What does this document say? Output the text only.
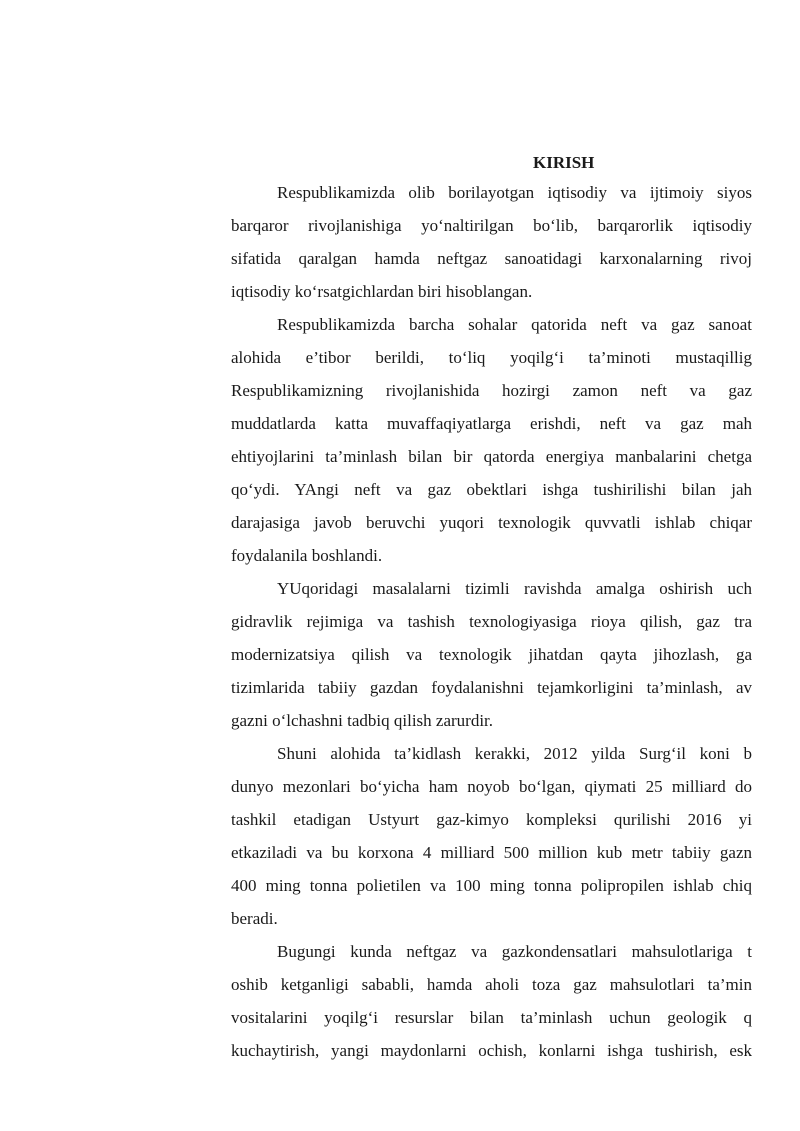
KIRISH
Respublikamizda olib borilayotgan iqtisodiy va ijtimoiy siyos
barqaror rivojlanishiga yo‘naltirilgan bo‘lib, barqarorlik iqtisodiy
sifatida qaralgan hamda neftgaz sanoatidagi karxonalarning rivoj
iqtisodiy ko‘rsatgichlardan biri hisoblangan.
Respublikamizda barcha sohalar qatorida neft va gaz sanoat
alohida e’tibor berildi, to‘liq yoqilg‘i ta’minoti mustaqillig
Respublikamizning rivojlanishida hozirgi zamon neft va gaz
muddatlarda katta muvaffaqiyatlarga erishdi, neft va gaz mah
ehtiyojlarini ta’minlash bilan bir qatorda energiya manbalarini chetga
qo‘ydi. YAngi neft va gaz obektlari ishga tushirilishi bilan jah
darajasiga javob beruvchi yuqori texnologik quvvatli ishlab chiqar
foydalanila boshlandi.
YUqoridagi masalalarni tizimli ravishda amalga oshirish uch
gidravlik rejimiga va tashish texnologiyasiga rioya qilish, gaz tra
modernizatsiya qilish va texnologik jihatdan qayta jihozlash, ga
tizimlarida tabiiy gazdan foydalanishni tejamkorligini ta’minlash, av
gazni o‘lchashni tadbiq qilish zarurdir.
Shuni alohida ta’kidlash kerakki, 2012 yilda Surg‘il koni b
dunyo mezonlari bo‘yicha ham noyob bo‘lgan, qiymati 25 milliard do
tashkil etadigan Ustyurt gaz-kimyo kompleksi qurilishi 2016 yi
etkaziladi va bu korxona 4 milliard 500 million kub metr tabiiy gazn
400 ming tonna polietilen va 100 ming tonna polipropilen ishlab chiq
beradi.
Bugungi kunda neftgaz va gazkondensatlari mahsulotlariga t
oshib ketganligi sababli, hamda aholi toza gaz mahsulotlari ta’min
vositalarini yoqilg‘i resurslar bilan ta’minlash uchun geologik q
kuchaytirish, yangi maydonlarni ochish, konlarni ishga tushirish, esk
